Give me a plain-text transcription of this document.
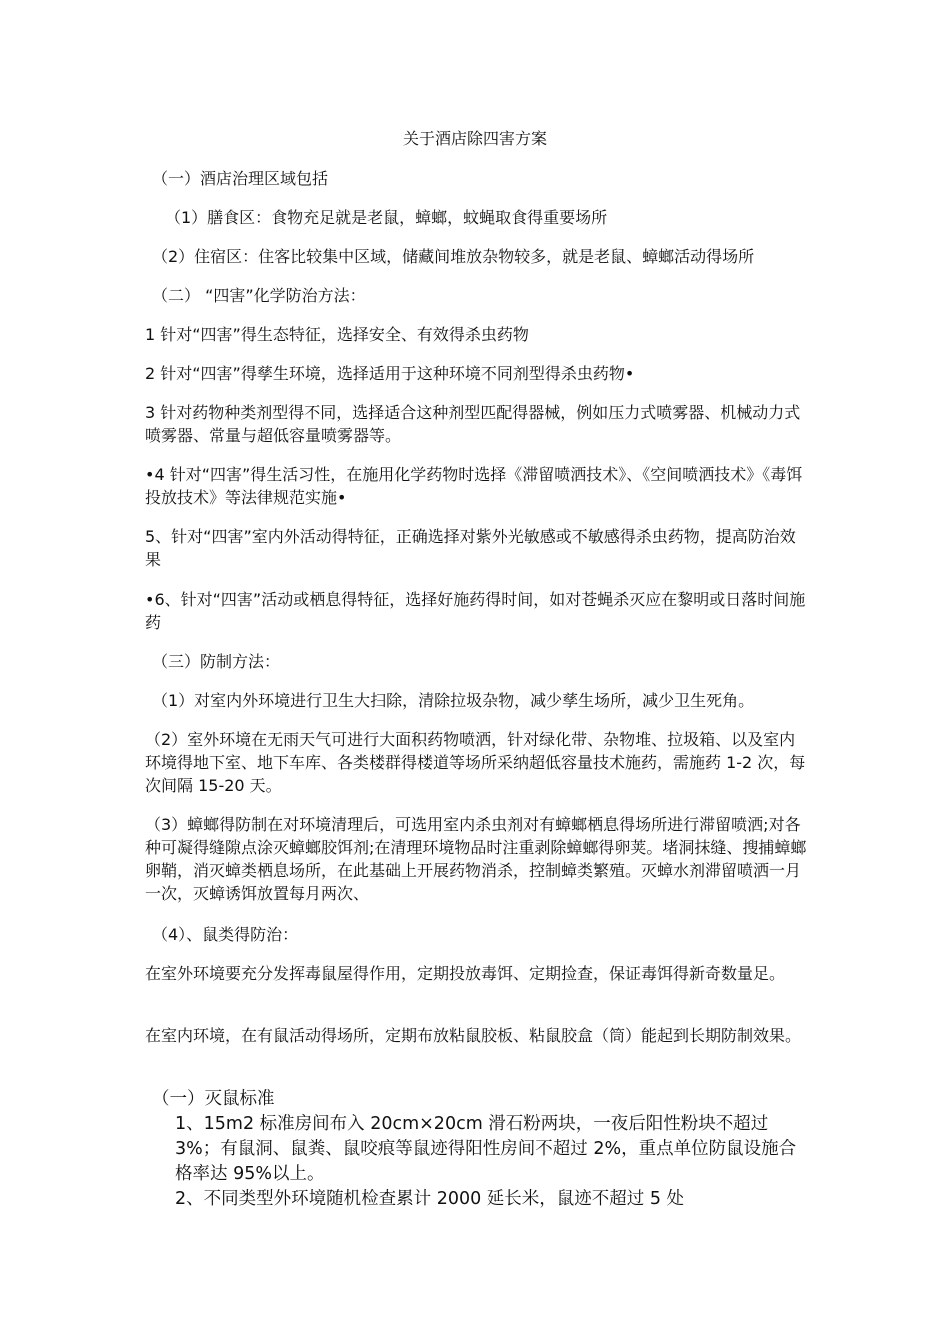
关于酒店除四害方案

（一）酒店治理区域包括

（1）膳食区：食物充足就是老鼠，蟑螂，蚊蝇取食得重要场所

（2）住宿区：住客比较集中区域，储藏间堆放杂物较多，就是老鼠、蟑螂活动得场所

（二） “四害”化学防治方法：

1 针对“四害”得生态特征，选择安全、有效得杀虫药物

2 针对“四害”得孳生环境，选择适用于这种环境不同剂型得杀虫药物•

3 针对药物种类剂型得不同，选择适合这种剂型匹配得器械，例如压力式喷雾器、机械动力式喷雾器、常量与超低容量喷雾器等。

•4 针对“四害”得生活习性，在施用化学药物时选择《滞留喷洒技术》、《空间喷洒技术》《毒饵投放技术》等法律规范实施•

5、针对“四害”室内外活动得特征，正确选择对紫外光敏感或不敏感得杀虫药物，提高防治效果

•6、针对“四害”活动或栖息得特征，选择好施药得时间，如对苍蝇杀灭应在黎明或日落时间施药

（三）防制方法：

（1）对室内外环境进行卫生大扫除，清除拉圾杂物，减少孳生场所，减少卫生死角。

（2）室外环境在无雨天气可进行大面积药物喷洒，针对绿化带、杂物堆、拉圾箱、以及室内环境得地下室、地下车库、各类楼群得楼道等场所采纳超低容量技术施药，需施药 1-2 次，每次间隔 15-20 天。

（3）蟑螂得防制在对环境清理后，可选用室内杀虫剂对有蟑螂栖息得场所进行滞留喷洒;对各种可凝得缝隙点涂灭蟑螂胶饵剂;在清理环境物品时注重剥除蟑螂得卵荚。堵洞抹缝、搜捕蟑螂卵鞘，消灭蟑类栖息场所，在此基础上开展药物消杀，控制蟑类繁殖。灭蟑水剂滞留喷洒一月一次，灭蟑诱饵放置每月两次、

（4）、鼠类得防治：

在室外环境要充分发挥毒鼠屋得作用，定期投放毒饵、定期捡查，保证毒饵得新奇数量足。

在室内环境，在有鼠活动得场所，定期布放粘鼠胶板、粘鼠胶盒（筒）能起到长期防制效果。

（一）灭鼠标准

1、15m2 标准房间布入 20cm×20cm 滑石粉两块，一夜后阳性粉块不超过 3%；有鼠洞、鼠粪、鼠咬痕等鼠迹得阳性房间不超过 2%，重点单位防鼠设施合格率达 95%以上。

2、不同类型外环境随机检查累计 2000 延长米，鼠迹不超过 5 处
